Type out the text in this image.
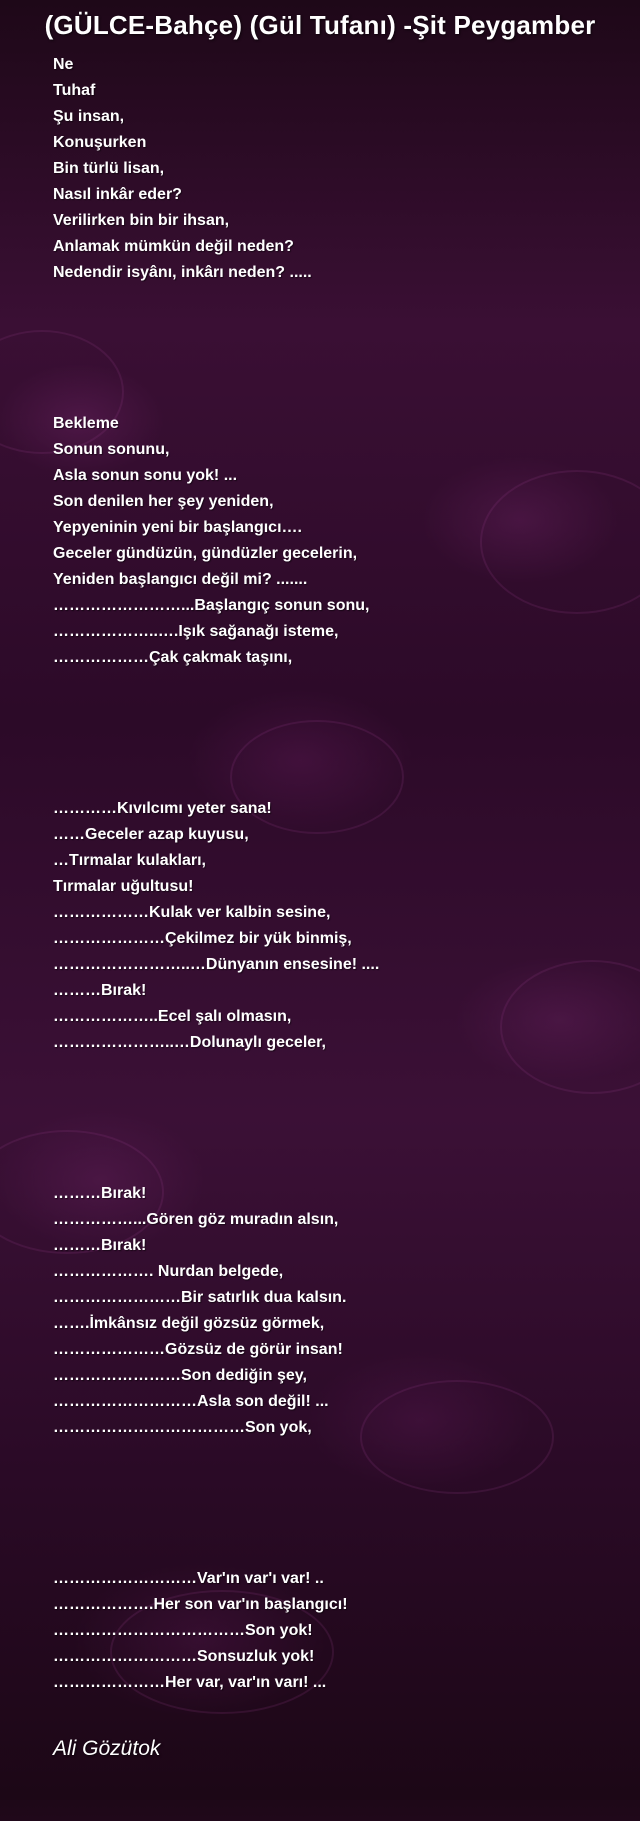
(GÜLCE-Bahçe) (Gül Tufanı) -Şit Peygamber
Ne
Tuhaf
Şu insan,
Konuşurken
Bin türlü lisan,
Nasıl inkâr eder?
Verilirken bin bir ihsan,
Anlamak mümkün değil neden?
Nedendir isyânı, inkârı neden? .....
Bekleme
Sonun sonunu,
Asla sonun sonu yok! ...
Son denilen her şey yeniden,
Yepyeninin yeni bir başlangıcı….
Geceler gündüzün, gündüzler gecelerin,
Yeniden başlangıcı değil mi? .......
……………………...Başlangıç sonun sonu,
………………..….Işık sağanağı isteme,
………………Çak çakmak taşını,
…………Kıvılcımı yeter sana!
……Geceler azap kuyusu,
…Tırmalar kulakları,
Tırmalar uğultusu!
………………Kulak ver kalbin sesine,
…………………Çekilmez bir yük binmiş,
……………………..…Dünyanın ensesine! ....
………Bırak!
………………..Ecel şalı olmasın,
…………………..…Dolunaylı geceler,
………Bırak!
……………...Gören göz muradın alsın,
………Bırak!
………………. Nurdan belgede,
……………………Bir satırlık dua kalsın.
…….İmkânsız değil gözsüz görmek,
…………………Gözsüz de görür insan!
……………………Son dediğin şey,
………………………Asla son değil! ...
………………………………Son yok,
………………………Var'ın var'ı var! ..
……………….Her son var'ın başlangıcı!
………………………………Son yok!
………………………Sonsuzluk yok!
…………………Her var, var'ın varı! ...
Ali Gözütok
